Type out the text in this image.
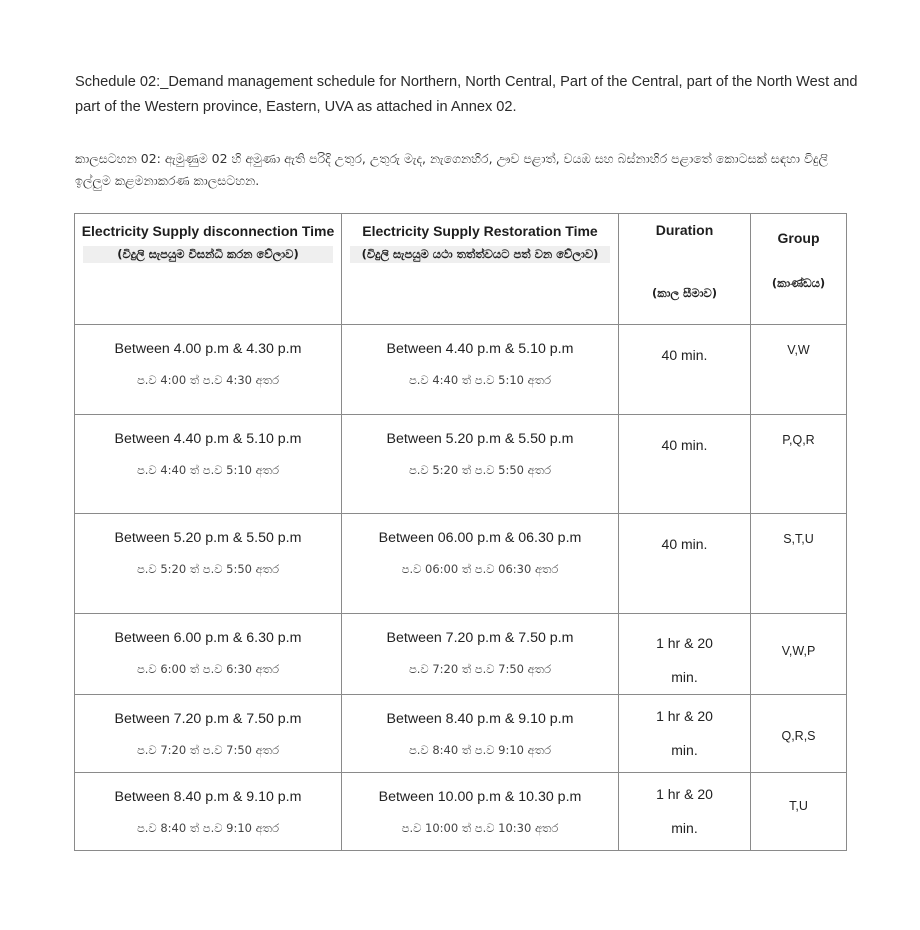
Schedule 02:_Demand management schedule for Northern, North Central, Part of the Central, part of the North West and part of the Western province, Eastern, UVA as attached in Annex 02.
කාලසටහන 02: ඇමුණුම 02 හි අමුණා ඇති පරිදි උතුර, උතුරු මැද, නැගෙනහිර, ඌව පළාත්, වයඹ සහ බස්නාහිර පළාතේ කොටසක් සඳහා විදුලි ඉල්ලුම කළමනාකරණ කාලසටහන.
Electricity Supply disconnection Time
(විදුලි සැපයුම විසන්ධි කරන වේලාව)	Electricity Supply Restoration Time
(විදුලි සැපයුම යථා තත්ත්වයට පත් වන වේලාව)	Duration
(කාල සීමාව)	Group
(කාණ්ඩය)

Between 4.00 p.m & 4.30 p.m
ප.ව 4:00 ත් ප.ව 4:30 අතර	Between 4.40 p.m & 5.10 p.m
ප.ව 4:40 ත් ප.ව 5:10 අතර	40 min.	V,W

Between 4.40 p.m & 5.10 p.m
ප.ව 4:40 ත් ප.ව 5:10 අතර	Between 5.20 p.m & 5.50 p.m
ප.ව 5:20 ත් ප.ව 5:50 අතර	40 min.	P,Q,R

Between 5.20 p.m & 5.50 p.m
ප.ව 5:20 ත් ප.ව 5:50 අතර	Between 06.00 p.m & 06.30 p.m
ප.ව 06:00 ත් ප.ව 06:30 අතර	40 min.	S,T,U

Between 6.00 p.m & 6.30 p.m
ප.ව 6:00 ත් ප.ව 6:30 අතර	Between 7.20 p.m & 7.50 p.m
ප.ව 7:20 ත් ප.ව 7:50 අතර	1 hr & 20
min.	V,W,P

Between 7.20 p.m & 7.50 p.m
ප.ව 7:20 ත් ප.ව 7:50 අතර	Between 8.40 p.m & 9.10 p.m
ප.ව 8:40 ත් ප.ව 9:10 අතර	1 hr & 20
min.	Q,R,S

Between 8.40 p.m & 9.10 p.m
ප.ව 8:40 ත් ප.ව 9:10 අතර	Between 10.00 p.m & 10.30 p.m
ප.ව 10:00 ත් ප.ව 10:30 අතර	1 hr & 20
min.	T,U
